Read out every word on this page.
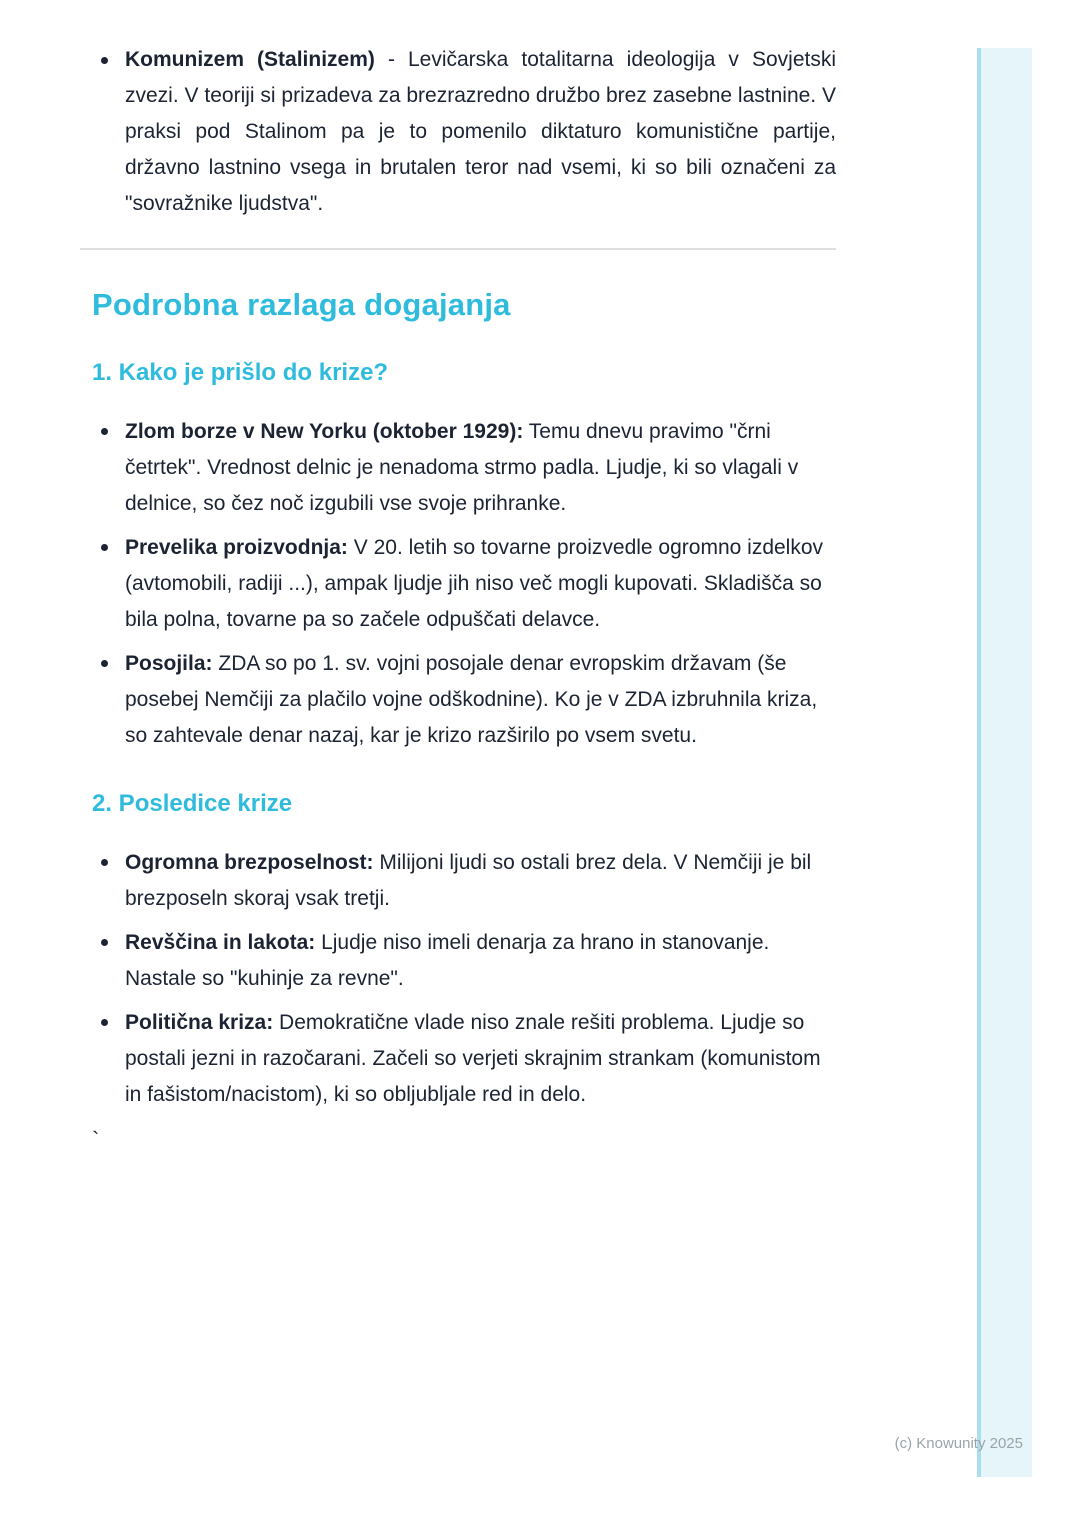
Komunizem (Stalinizem) - Levičarska totalitarna ideologija v Sovjetski zvezi. V teoriji si prizadeva za brezrazredno družbo brez zasebne lastnine. V praksi pod Stalinom pa je to pomenilo diktaturo komunistične partije, državno lastnino vsega in brutalen teror nad vsemi, ki so bili označeni za "sovražnike ljudstva".
Podrobna razlaga dogajanja
1. Kako je prišlo do krize?
Zlom borze v New Yorku (oktober 1929): Temu dnevu pravimo "črni četrtek". Vrednost delnic je nenadoma strmo padla. Ljudje, ki so vlagali v delnice, so čez noč izgubili vse svoje prihranke.
Prevelika proizvodnja: V 20. letih so tovarne proizvedle ogromno izdelkov (avtomobili, radiji ...), ampak ljudje jih niso več mogli kupovati. Skladišča so bila polna, tovarne pa so začele odpuščati delavce.
Posojila: ZDA so po 1. sv. vojni posojale denar evropskim državam (še posebej Nemčiji za plačilo vojne odškodnine). Ko je v ZDA izbruhnila kriza, so zahtevale denar nazaj, kar je krizo razširilo po vsem svetu.
2. Posledice krize
Ogromna brezposelnost: Milijoni ljudi so ostali brez dela. V Nemčiji je bil brezposeln skoraj vsak tretji.
Revščina in lakota: Ljudje niso imeli denarja za hrano in stanovanje. Nastale so "kuhinje za revne".
Politična kriza: Demokratične vlade niso znale rešiti problema. Ljudje so postali jezni in razočarani. Začeli so verjeti skrajnim strankam (komunistom in fašistom/nacistom), ki so obljubljale red in delo.
`
(c) Knowunity 2025
